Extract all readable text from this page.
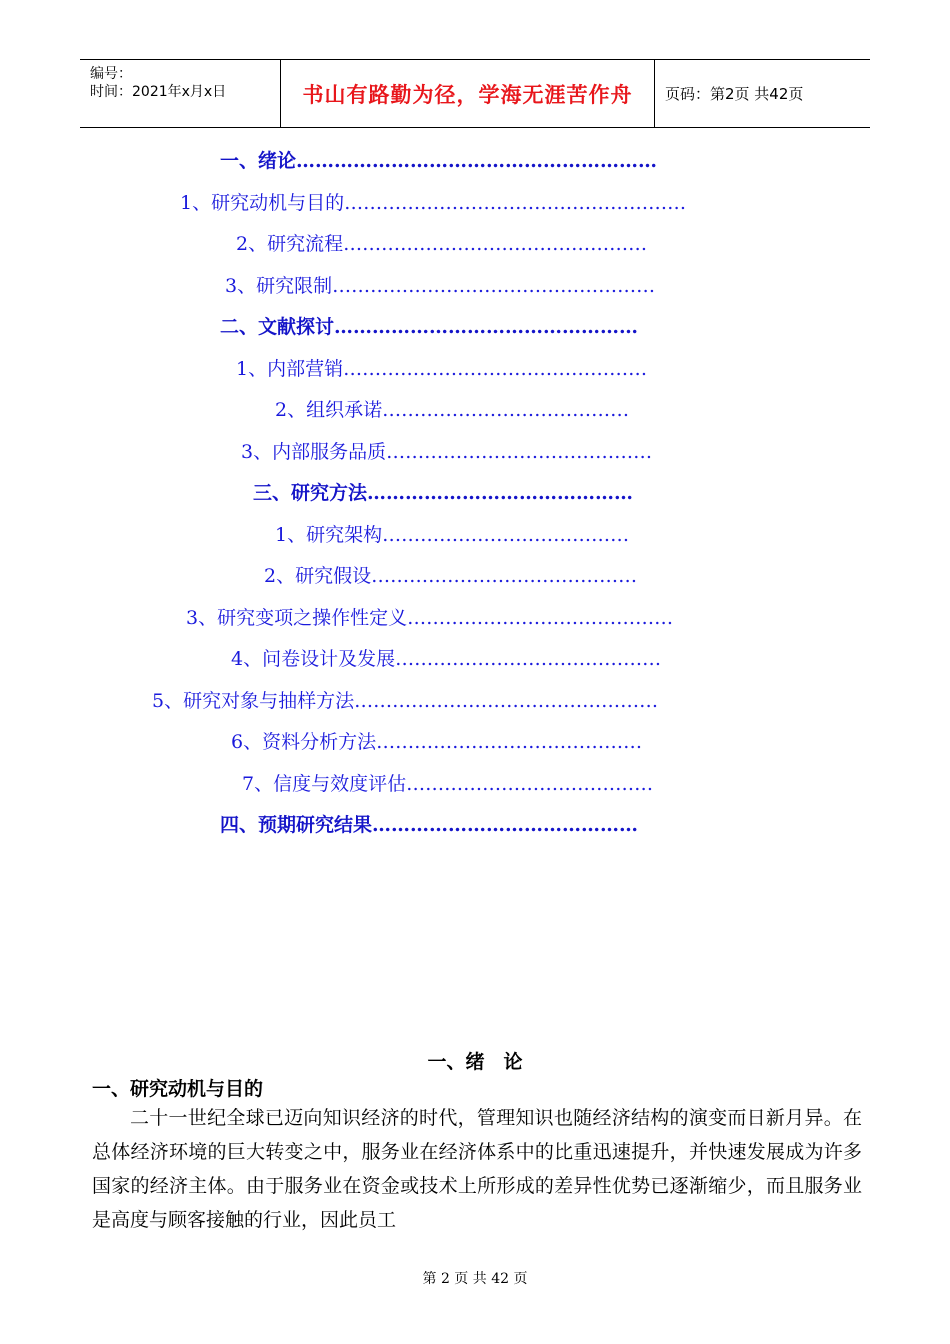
编号：
时间：2021年x月x日	书山有路勤为径，学海无涯苦作舟 页码：第2页 共42页
一、绪论…………………………………………………
1、研究动机与目的………………………………………………
2、研究流程…………………………………………
3、研究限制……………………………………………
二、文献探讨…………………………………………
1、内部营销…………………………………………
2、组织承诺…………………………………
3、内部服务品质……………………………………
三、研究方法……………………………………
1、研究架构…………………………………
2、研究假设……………………………………
3、研究变项之操作性定义……………………………………
4、问卷设计及发展……………………………………
5、研究对象与抽样方法…………………………………………
6、资料分析方法……………………………………
7、信度与效度评估…………………………………
四、预期研究结果……………………………………
一、绪　论
一、研究动机与目的
二十一世纪全球已迈向知识经济的时代，管理知识也随经济结构的演变而日新月异。在总体经济环境的巨大转变之中，服务业在经济体系中的比重迅速提升，并快速发展成为许多国家的经济主体。由于服务业在资金或技术上所形成的差异性优势已逐渐缩少，而且服务业是高度与顾客接触的行业，因此员工
第 2 页 共 42 页
